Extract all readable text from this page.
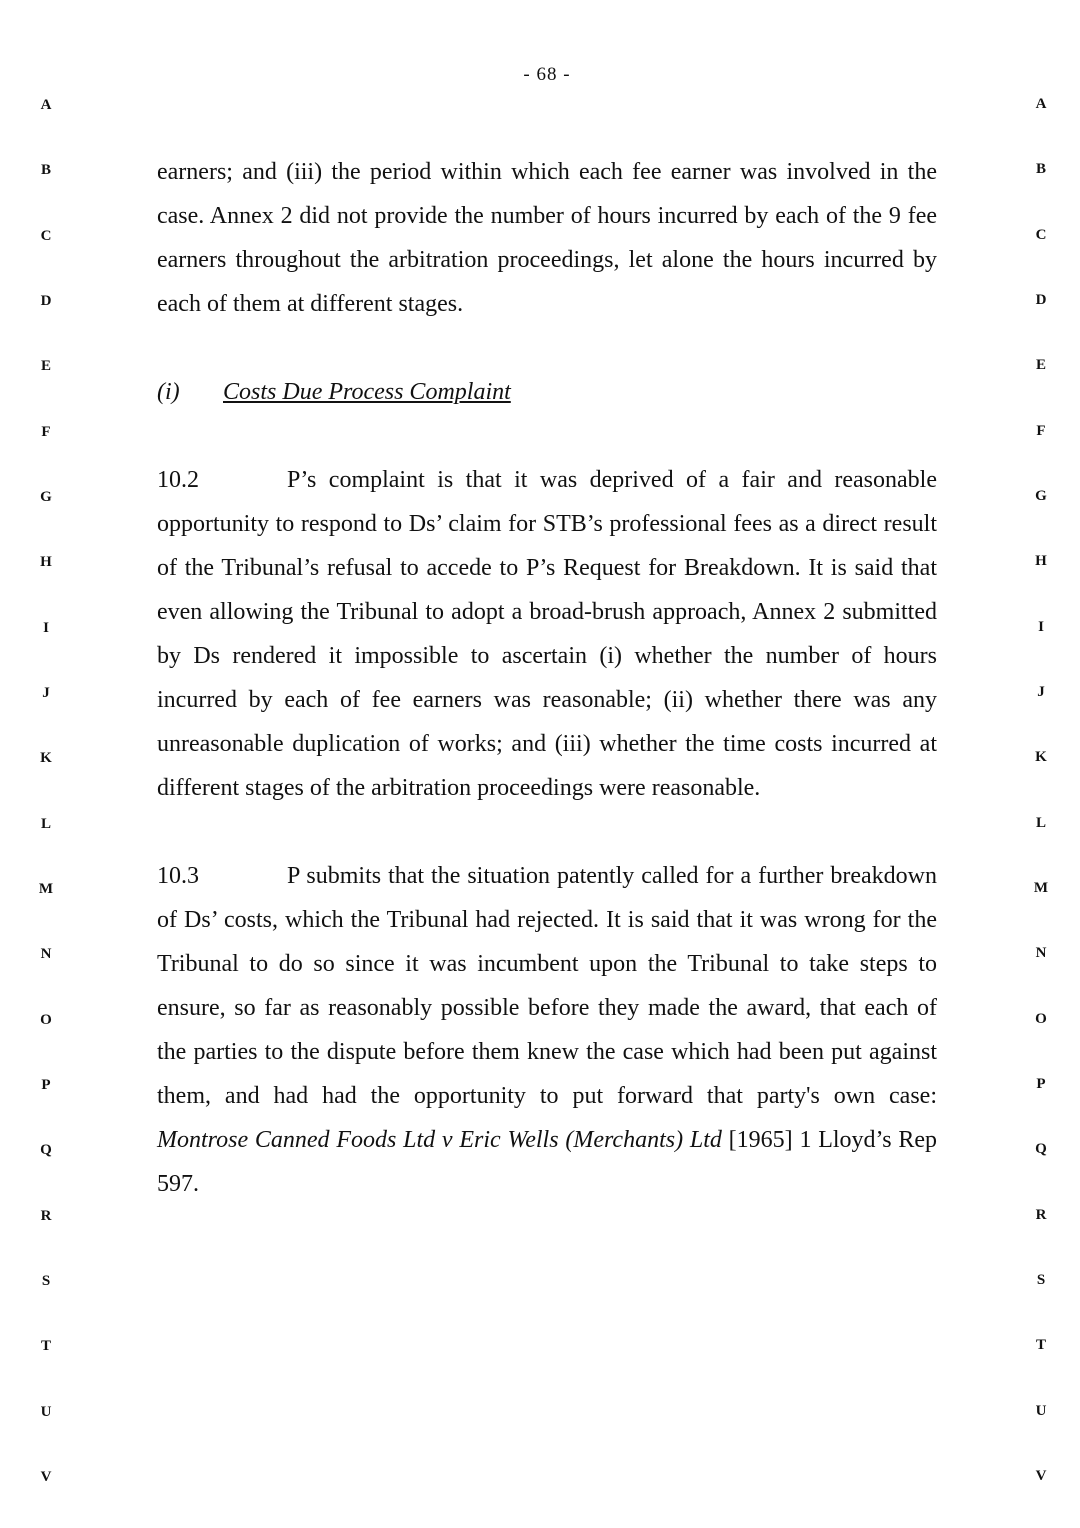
- 68 -
A
B
C
D
E
F
G
H
I
J
K
L
M
N
O
P
Q
R
S
T
U
V
A
B
C
D
E
F
G
H
I
J
K
L
M
N
O
P
Q
R
S
T
U
V

earners; and (iii) the period within which each fee earner was involved in the case. Annex 2 did not provide the number of hours incurred by each of the 9 fee earners throughout the arbitration proceedings, let alone the hours incurred by each of them at different stages.

(i) Costs Due Process Complaint

10.2	P’s complaint is that it was deprived of a fair and reasonable opportunity to respond to Ds’ claim for STB’s professional fees as a direct result of the Tribunal’s refusal to accede to P’s Request for Breakdown. It is said that even allowing the Tribunal to adopt a broad-brush approach, Annex 2 submitted by Ds rendered it impossible to ascertain (i) whether the number of hours incurred by each of fee earners was reasonable; (ii) whether there was any unreasonable duplication of works; and (iii) whether the time costs incurred at different stages of the arbitration proceedings were reasonable.

10.3	P submits that the situation patently called for a further breakdown of Ds’ costs, which the Tribunal had rejected. It is said that it was wrong for the Tribunal to do so since it was incumbent upon the Tribunal to take steps to ensure, so far as reasonably possible before they made the award, that each of the parties to the dispute before them knew the case which had been put against them, and had had the opportunity to put forward that party's own case: Montrose Canned Foods Ltd v Eric Wells (Merchants) Ltd [1965] 1 Lloyd’s Rep 597.
